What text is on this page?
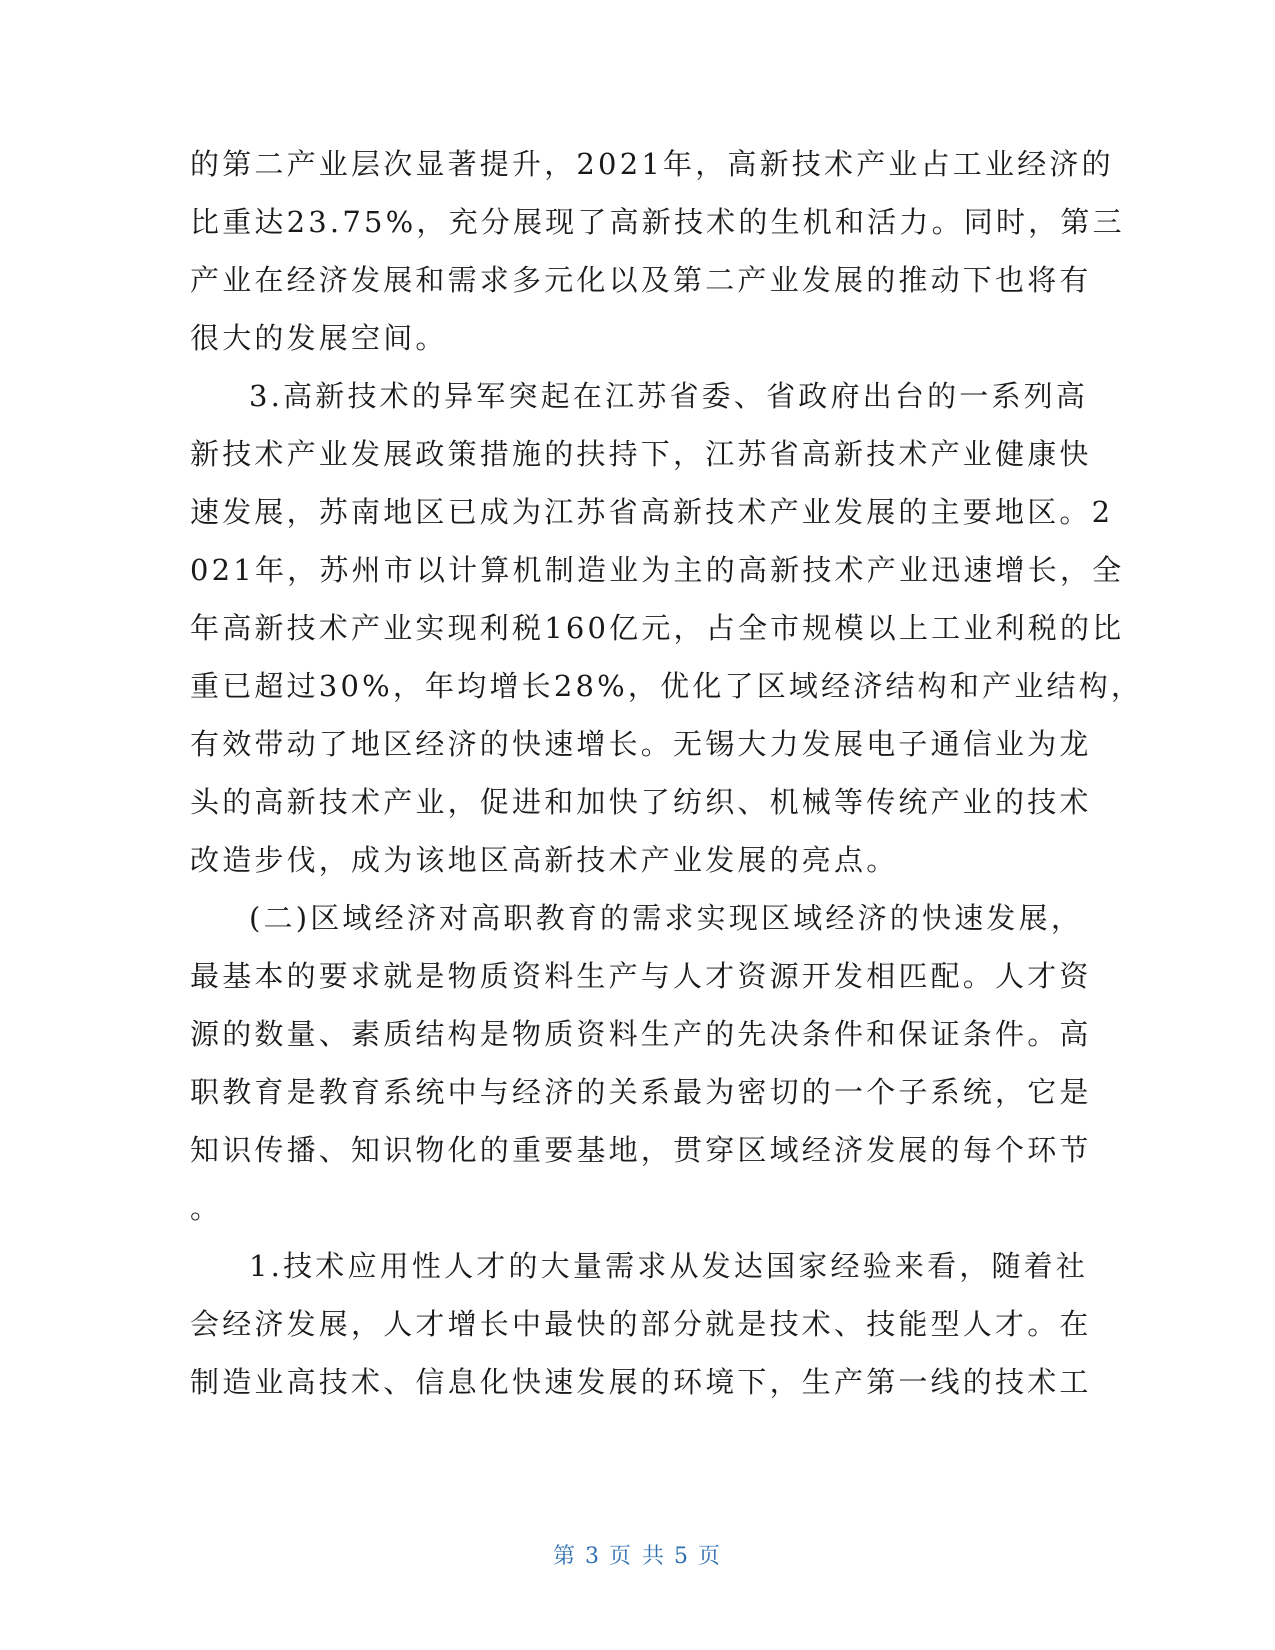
的第二产业层次显著提升，2021年，高新技术产业占工业经济的
比重达23.75%，充分展现了高新技术的生机和活力。同时，第三
产业在经济发展和需求多元化以及第二产业发展的推动下也将有
很大的发展空间。
3.高新技术的异军突起在江苏省委、省政府出台的一系列高
新技术产业发展政策措施的扶持下，江苏省高新技术产业健康快
速发展，苏南地区已成为江苏省高新技术产业发展的主要地区。2
021年，苏州市以计算机制造业为主的高新技术产业迅速增长，全
年高新技术产业实现利税160亿元，占全市规模以上工业利税的比
重已超过30%，年均增长28%，优化了区域经济结构和产业结构，
有效带动了地区经济的快速增长。无锡大力发展电子通信业为龙
头的高新技术产业，促进和加快了纺织、机械等传统产业的技术
改造步伐，成为该地区高新技术产业发展的亮点。
(二)区域经济对高职教育的需求实现区域经济的快速发展，
最基本的要求就是物质资料生产与人才资源开发相匹配。人才资
源的数量、素质结构是物质资料生产的先决条件和保证条件。高
职教育是教育系统中与经济的关系最为密切的一个子系统，它是
知识传播、知识物化的重要基地，贯穿区域经济发展的每个环节
。
1.技术应用性人才的大量需求从发达国家经验来看，随着社
会经济发展，人才增长中最快的部分就是技术、技能型人才。在
制造业高技术、信息化快速发展的环境下，生产第一线的技术工
第 3 页 共 5 页
